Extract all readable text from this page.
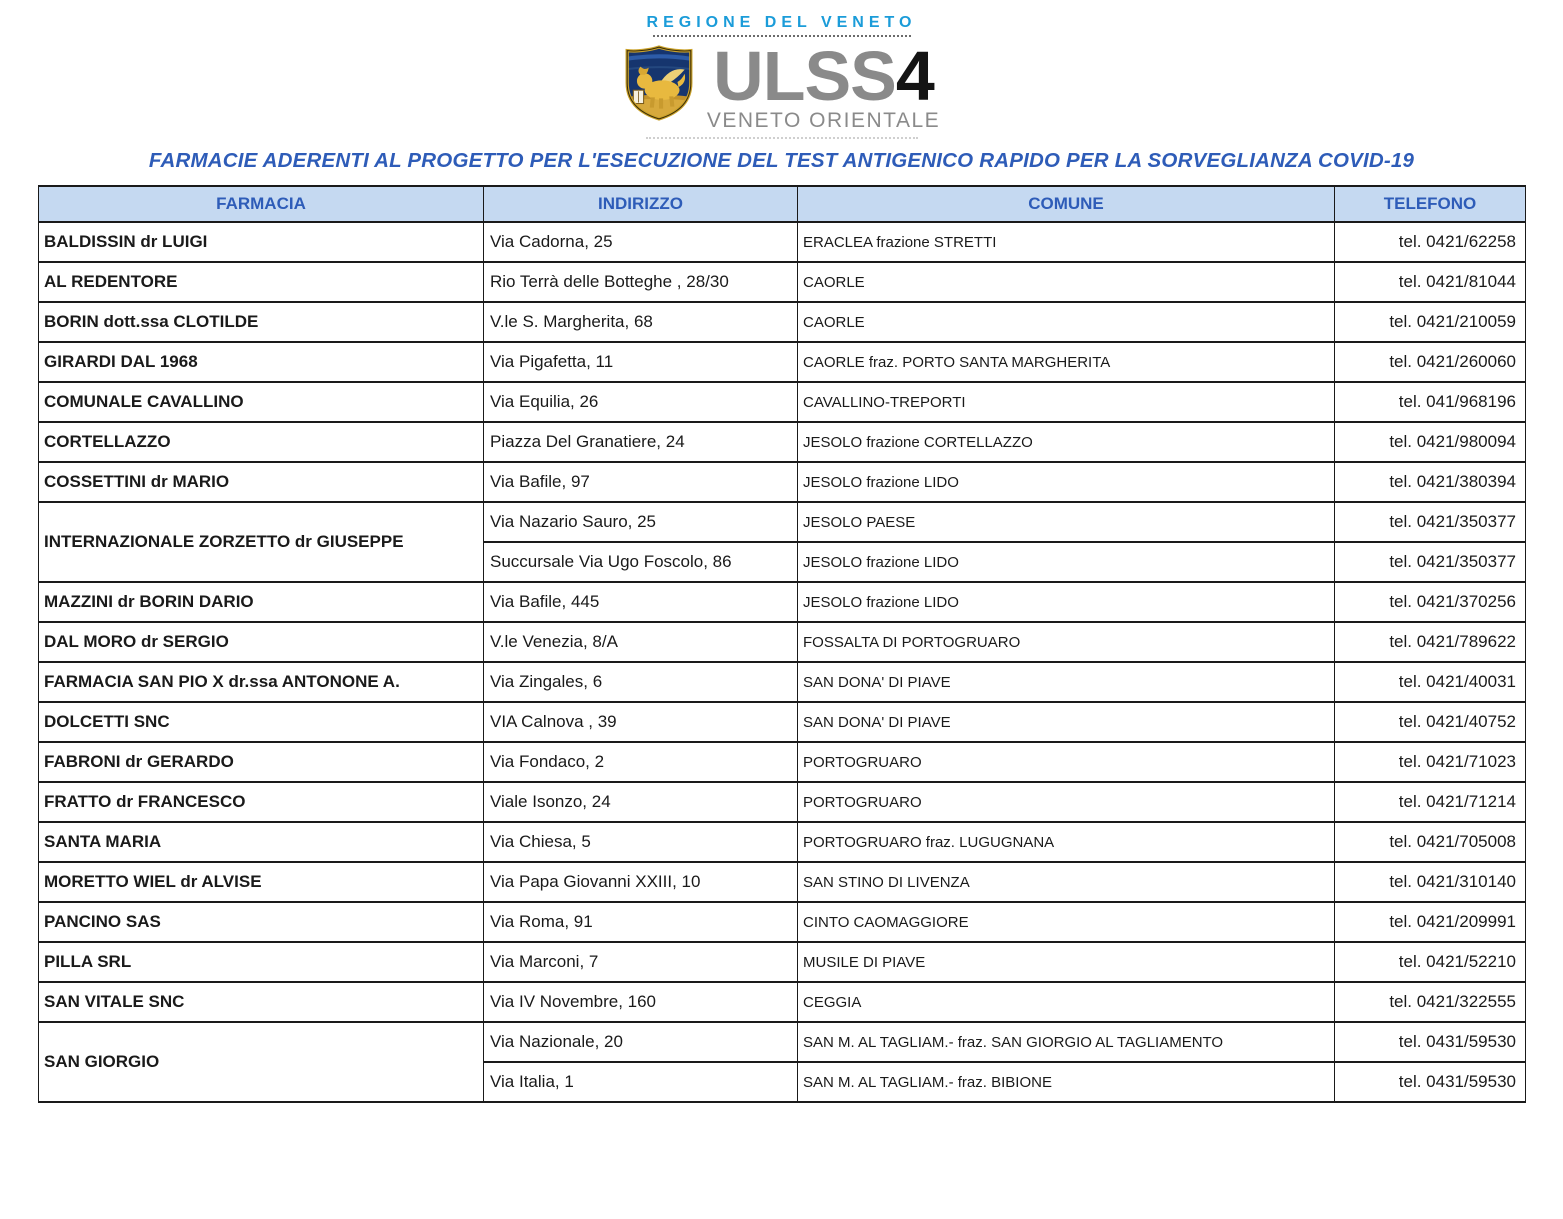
REGIONE DEL VENETO
ULSS4
VENETO ORIENTALE
FARMACIE ADERENTI AL PROGETTO PER L'ESECUZIONE DEL TEST ANTIGENICO RAPIDO PER LA SORVEGLIANZA COVID-19
FARMACIA	INDIRIZZO	COMUNE	TELEFONO
BALDISSIN dr LUIGI	Via Cadorna, 25	ERACLEA frazione STRETTI	tel. 0421/62258
AL REDENTORE	Rio Terrà delle Botteghe , 28/30	CAORLE	tel. 0421/81044
BORIN dott.ssa CLOTILDE	V.le S. Margherita, 68	CAORLE	tel. 0421/210059
GIRARDI DAL 1968	Via Pigafetta, 11	CAORLE fraz. PORTO SANTA MARGHERITA	tel. 0421/260060
COMUNALE CAVALLINO	Via Equilia, 26	CAVALLINO-TREPORTI	tel. 041/968196
CORTELLAZZO	Piazza Del Granatiere, 24	JESOLO frazione CORTELLAZZO	tel. 0421/980094
COSSETTINI dr MARIO	Via Bafile, 97	JESOLO frazione LIDO	tel. 0421/380394
INTERNAZIONALE ZORZETTO dr GIUSEPPE	Via Nazario Sauro, 25	JESOLO PAESE	tel. 0421/350377
	Succursale Via Ugo Foscolo, 86	JESOLO frazione LIDO	tel. 0421/350377
MAZZINI dr BORIN DARIO	Via Bafile, 445	JESOLO frazione LIDO	tel. 0421/370256
DAL MORO dr SERGIO	V.le Venezia, 8/A	FOSSALTA DI PORTOGRUARO	tel. 0421/789622
FARMACIA SAN PIO X dr.ssa ANTONONE A.	Via Zingales, 6	SAN DONA' DI PIAVE	tel. 0421/40031
DOLCETTI SNC	VIA Calnova , 39	SAN DONA' DI PIAVE	tel. 0421/40752
FABRONI dr GERARDO	Via Fondaco, 2	PORTOGRUARO	tel. 0421/71023
FRATTO dr FRANCESCO	Viale Isonzo, 24	PORTOGRUARO	tel. 0421/71214
SANTA MARIA	Via Chiesa, 5	PORTOGRUARO fraz. LUGUGNANA	tel. 0421/705008
MORETTO WIEL dr ALVISE	Via Papa Giovanni XXIII, 10	SAN STINO DI LIVENZA	tel. 0421/310140
PANCINO SAS	Via Roma, 91	CINTO CAOMAGGIORE	tel. 0421/209991
PILLA SRL	Via Marconi, 7	MUSILE DI PIAVE	tel. 0421/52210
SAN VITALE SNC	Via IV Novembre, 160	CEGGIA	tel. 0421/322555
SAN GIORGIO	Via Nazionale, 20	SAN M. AL TAGLIAM.- fraz. SAN GIORGIO AL TAGLIAMENTO	tel. 0431/59530
	Via Italia, 1	SAN M. AL TAGLIAM.- fraz. BIBIONE	tel. 0431/59530
